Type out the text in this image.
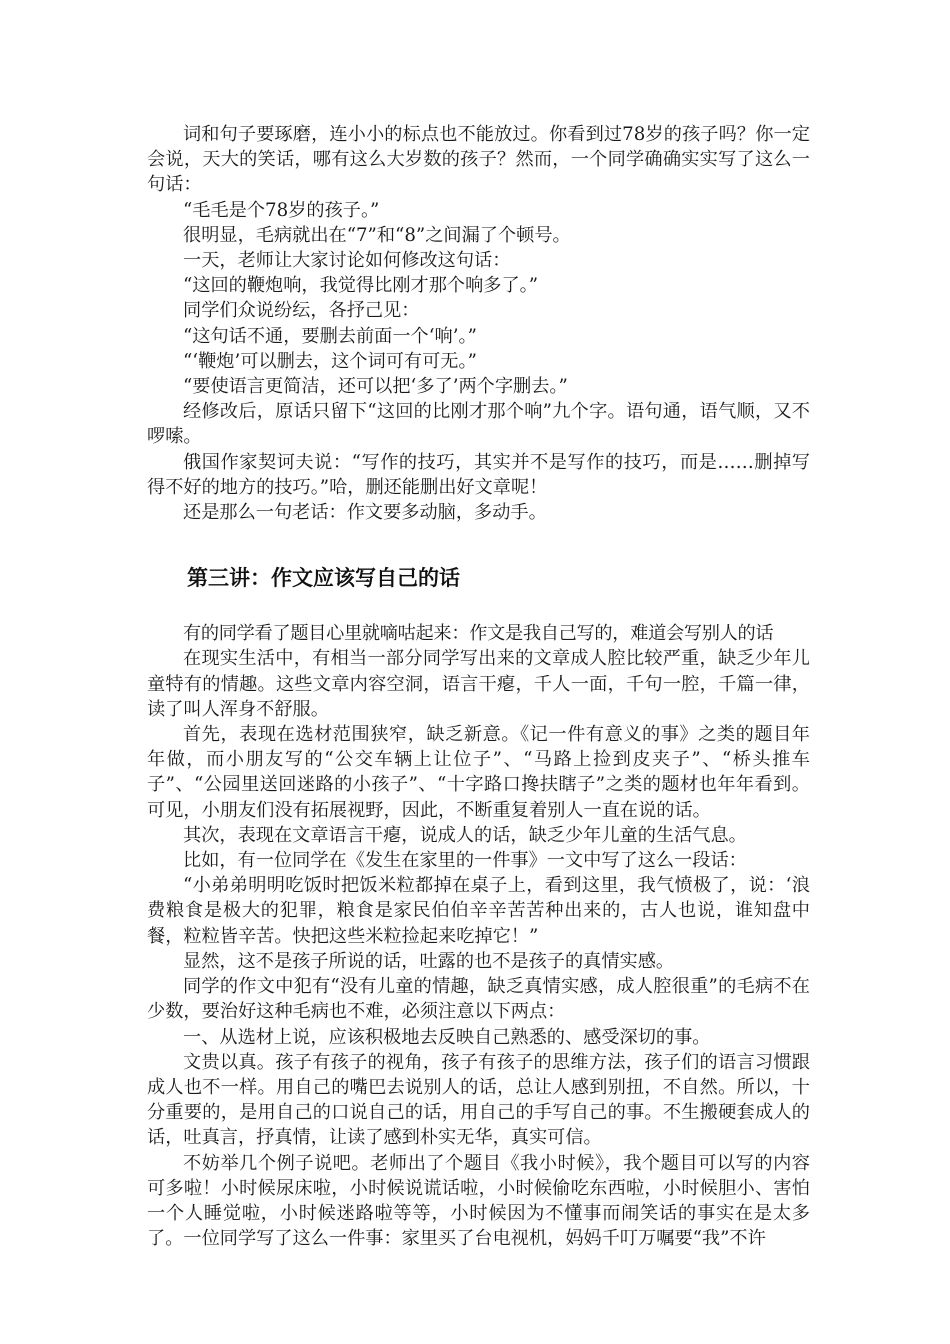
词和句子要琢磨，连小小的标点也不能放过。你看到过78岁的孩子吗？你一定会说，天大的笑话，哪有这么大岁数的孩子？然而，一个同学确确实实写了这么一句话：

“毛毛是个78岁的孩子。”

很明显，毛病就出在“7”和“8”之间漏了个顿号。

一天，老师让大家讨论如何修改这句话：

“这回的鞭炮响，我觉得比刚才那个响多了。”

同学们众说纷纭，各抒己见：

“这句话不通，要删去前面一个‘响’。”

“‘鞭炮’可以删去，这个词可有可无。”

“要使语言更简洁，还可以把‘多了’两个字删去。”

经修改后，原话只留下“这回的比刚才那个响”九个字。语句通，语气顺，又不啰嗦。

俄国作家契诃夫说：“写作的技巧，其实并不是写作的技巧，而是……删掉写得不好的地方的技巧。”哈，删还能删出好文章呢！

还是那么一句老话：作文要多动脑，多动手。

第三讲：作文应该写自己的话

有的同学看了题目心里就嘀咕起来：作文是我自己写的，难道会写别人的话

在现实生活中，有相当一部分同学写出来的文章成人腔比较严重，缺乏少年儿童特有的情趣。这些文章内容空洞，语言干瘪，千人一面，千句一腔，千篇一律，读了叫人浑身不舒服。

首先，表现在选材范围狭窄，缺乏新意。《记一件有意义的事》之类的题目年年做，而小朋友写的“公交车辆上让位子”、“马路上捡到皮夹子”、“桥头推车子”、“公园里送回迷路的小孩子”、“十字路口搀扶瞎子”之类的题材也年年看到。可见，小朋友们没有拓展视野，因此，不断重复着别人一直在说的话。

其次，表现在文章语言干瘪，说成人的话，缺乏少年儿童的生活气息。

比如，有一位同学在《发生在家里的一件事》一文中写了这么一段话：

“小弟弟明明吃饭时把饭米粒都掉在桌子上，看到这里，我气愤极了，说：‘浪费粮食是极大的犯罪，粮食是家民伯伯辛辛苦苦种出来的，古人也说，谁知盘中餐，粒粒皆辛苦。快把这些米粒捡起来吃掉它！”

显然，这不是孩子所说的话，吐露的也不是孩子的真情实感。

同学的作文中犯有“没有儿童的情趣，缺乏真情实感，成人腔很重”的毛病不在少数，要治好这种毛病也不难，必须注意以下两点：

一、从选材上说，应该积极地去反映自己熟悉的、感受深切的事。

文贵以真。孩子有孩子的视角，孩子有孩子的思维方法，孩子们的语言习惯跟成人也不一样。用自己的嘴巴去说别人的话，总让人感到别扭，不自然。所以，十分重要的，是用自己的口说自己的话，用自己的手写自己的事。不生搬硬套成人的话，吐真言，抒真情，让读了感到朴实无华，真实可信。

不妨举几个例子说吧。老师出了个题目《我小时候》，我个题目可以写的内容可多啦！小时候尿床啦，小时候说谎话啦，小时候偷吃东西啦，小时候胆小、害怕一个人睡觉啦，小时候迷路啦等等，小时候因为不懂事而闹笑话的事实在是太多了。一位同学写了这么一件事：家里买了台电视机，妈妈千叮万嘱要“我”不许
